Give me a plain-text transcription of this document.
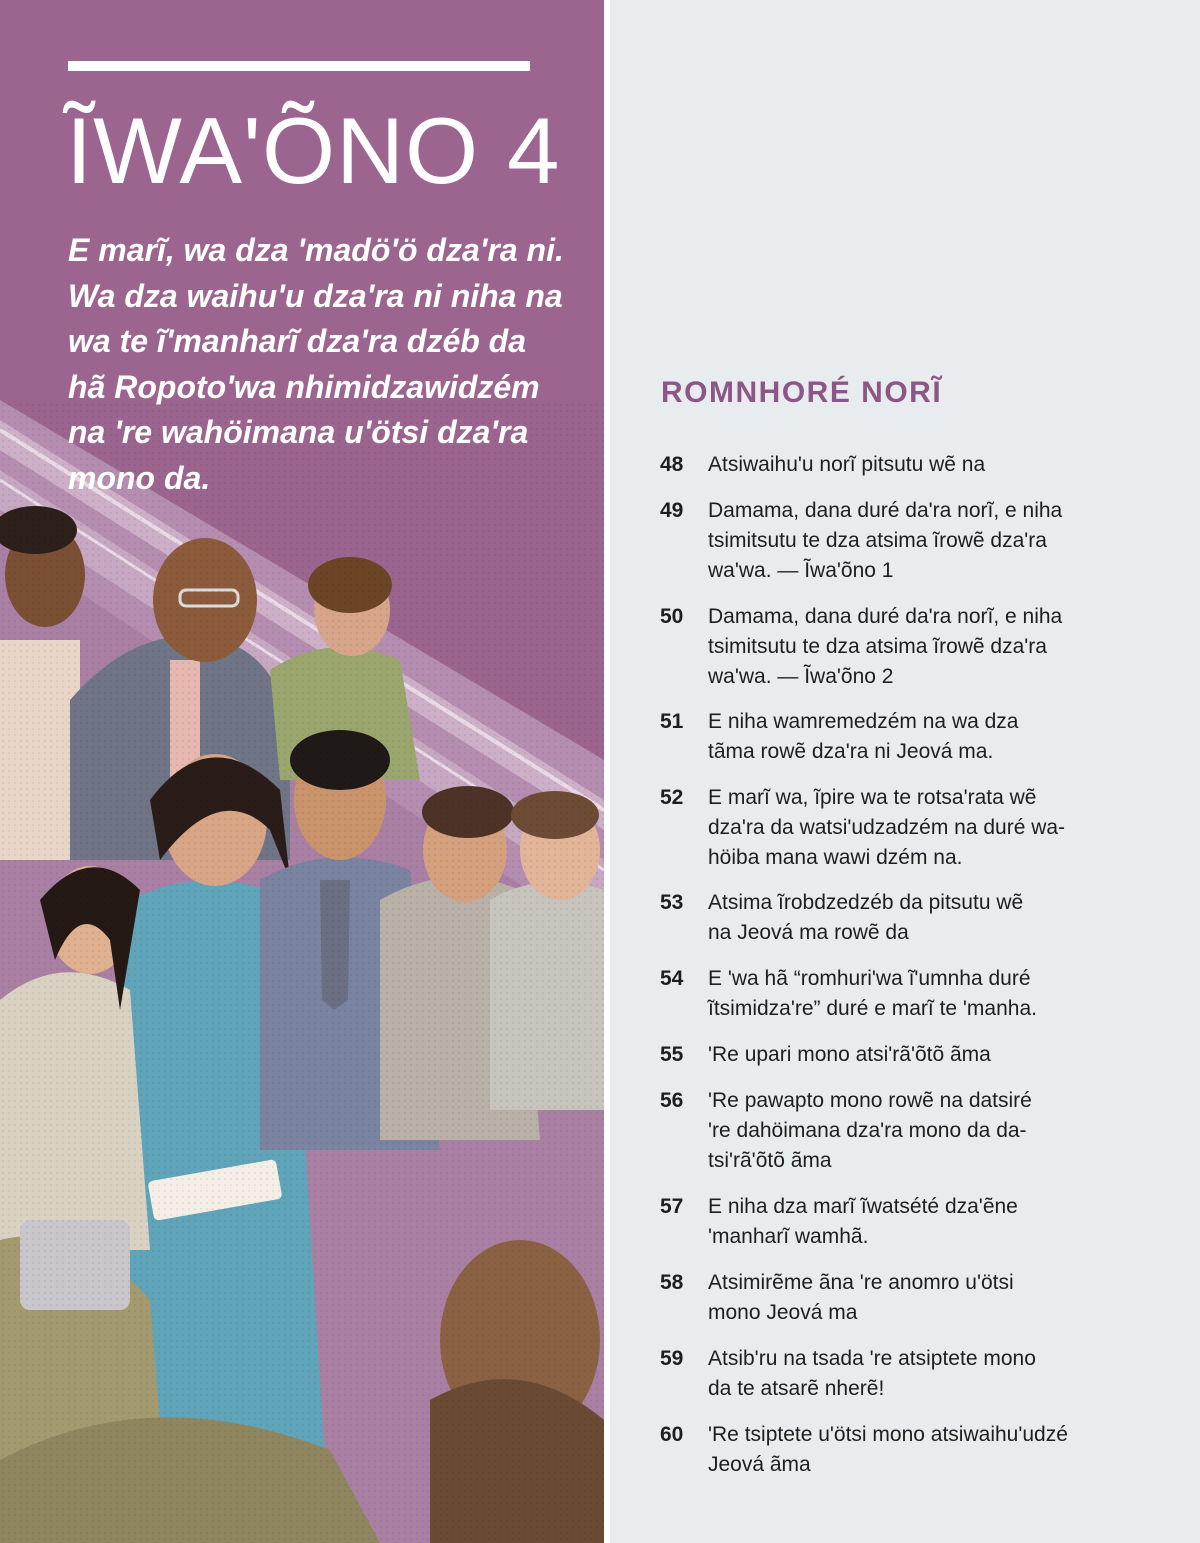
ĨWA'ÕNO 4

E marĩ, wa dza 'madö'ö dza'ra ni.
Wa dza waihu'u dza'ra ni niha na
wa te ĩ'manharĩ dza'ra dzéb da
hã Ropoto'wa nhimidzawidzém
na 're wahöimana u'ötsi dza'ra
mono da.

ROMNHORÉ NORĨ
48	Atsiwaihu'u norĩ pitsutu wẽ na
49	Damama, dana duré da'ra norĩ, e niha
tsimitsutu te dza atsima ĩrowẽ dza'ra
wa'wa. — Ĩwa'õno 1
50	Damama, dana duré da'ra norĩ, e niha
tsimitsutu te dza atsima ĩrowẽ dza'ra
wa'wa. — Ĩwa'õno 2
51	E niha wamremedzém na wa dza
tãma rowẽ dza'ra ni Jeová ma.
52	E marĩ wa, ĩpire wa te rotsa'rata wẽ
dza'ra da watsi'udzadzém na duré wa-
höiba mana wawi dzém na.
53	Atsima ĩrobdzedzéb da pitsutu wẽ
na Jeová ma rowẽ da
54	E 'wa hã “romhuri'wa ĩ'umnha duré
ĩtsimidza're” duré e marĩ te 'manha.
55	'Re upari mono atsi'rã'õtõ ãma
56	'Re pawapto mono rowẽ na datsiré
're dahöimana dza'ra mono da da-
tsi'rã'õtõ ãma
57	E niha dza marĩ ĩwatsété dza'ẽne
'manharĩ wamhã.
58	Atsimirẽme ãna 're anomro u'ötsi
mono Jeová ma
59	Atsib'ru na tsada 're atsiptete mono
da te atsarẽ nherẽ!
60	'Re tsiptete u'ötsi mono atsiwaihu'udzé
Jeová ãma
